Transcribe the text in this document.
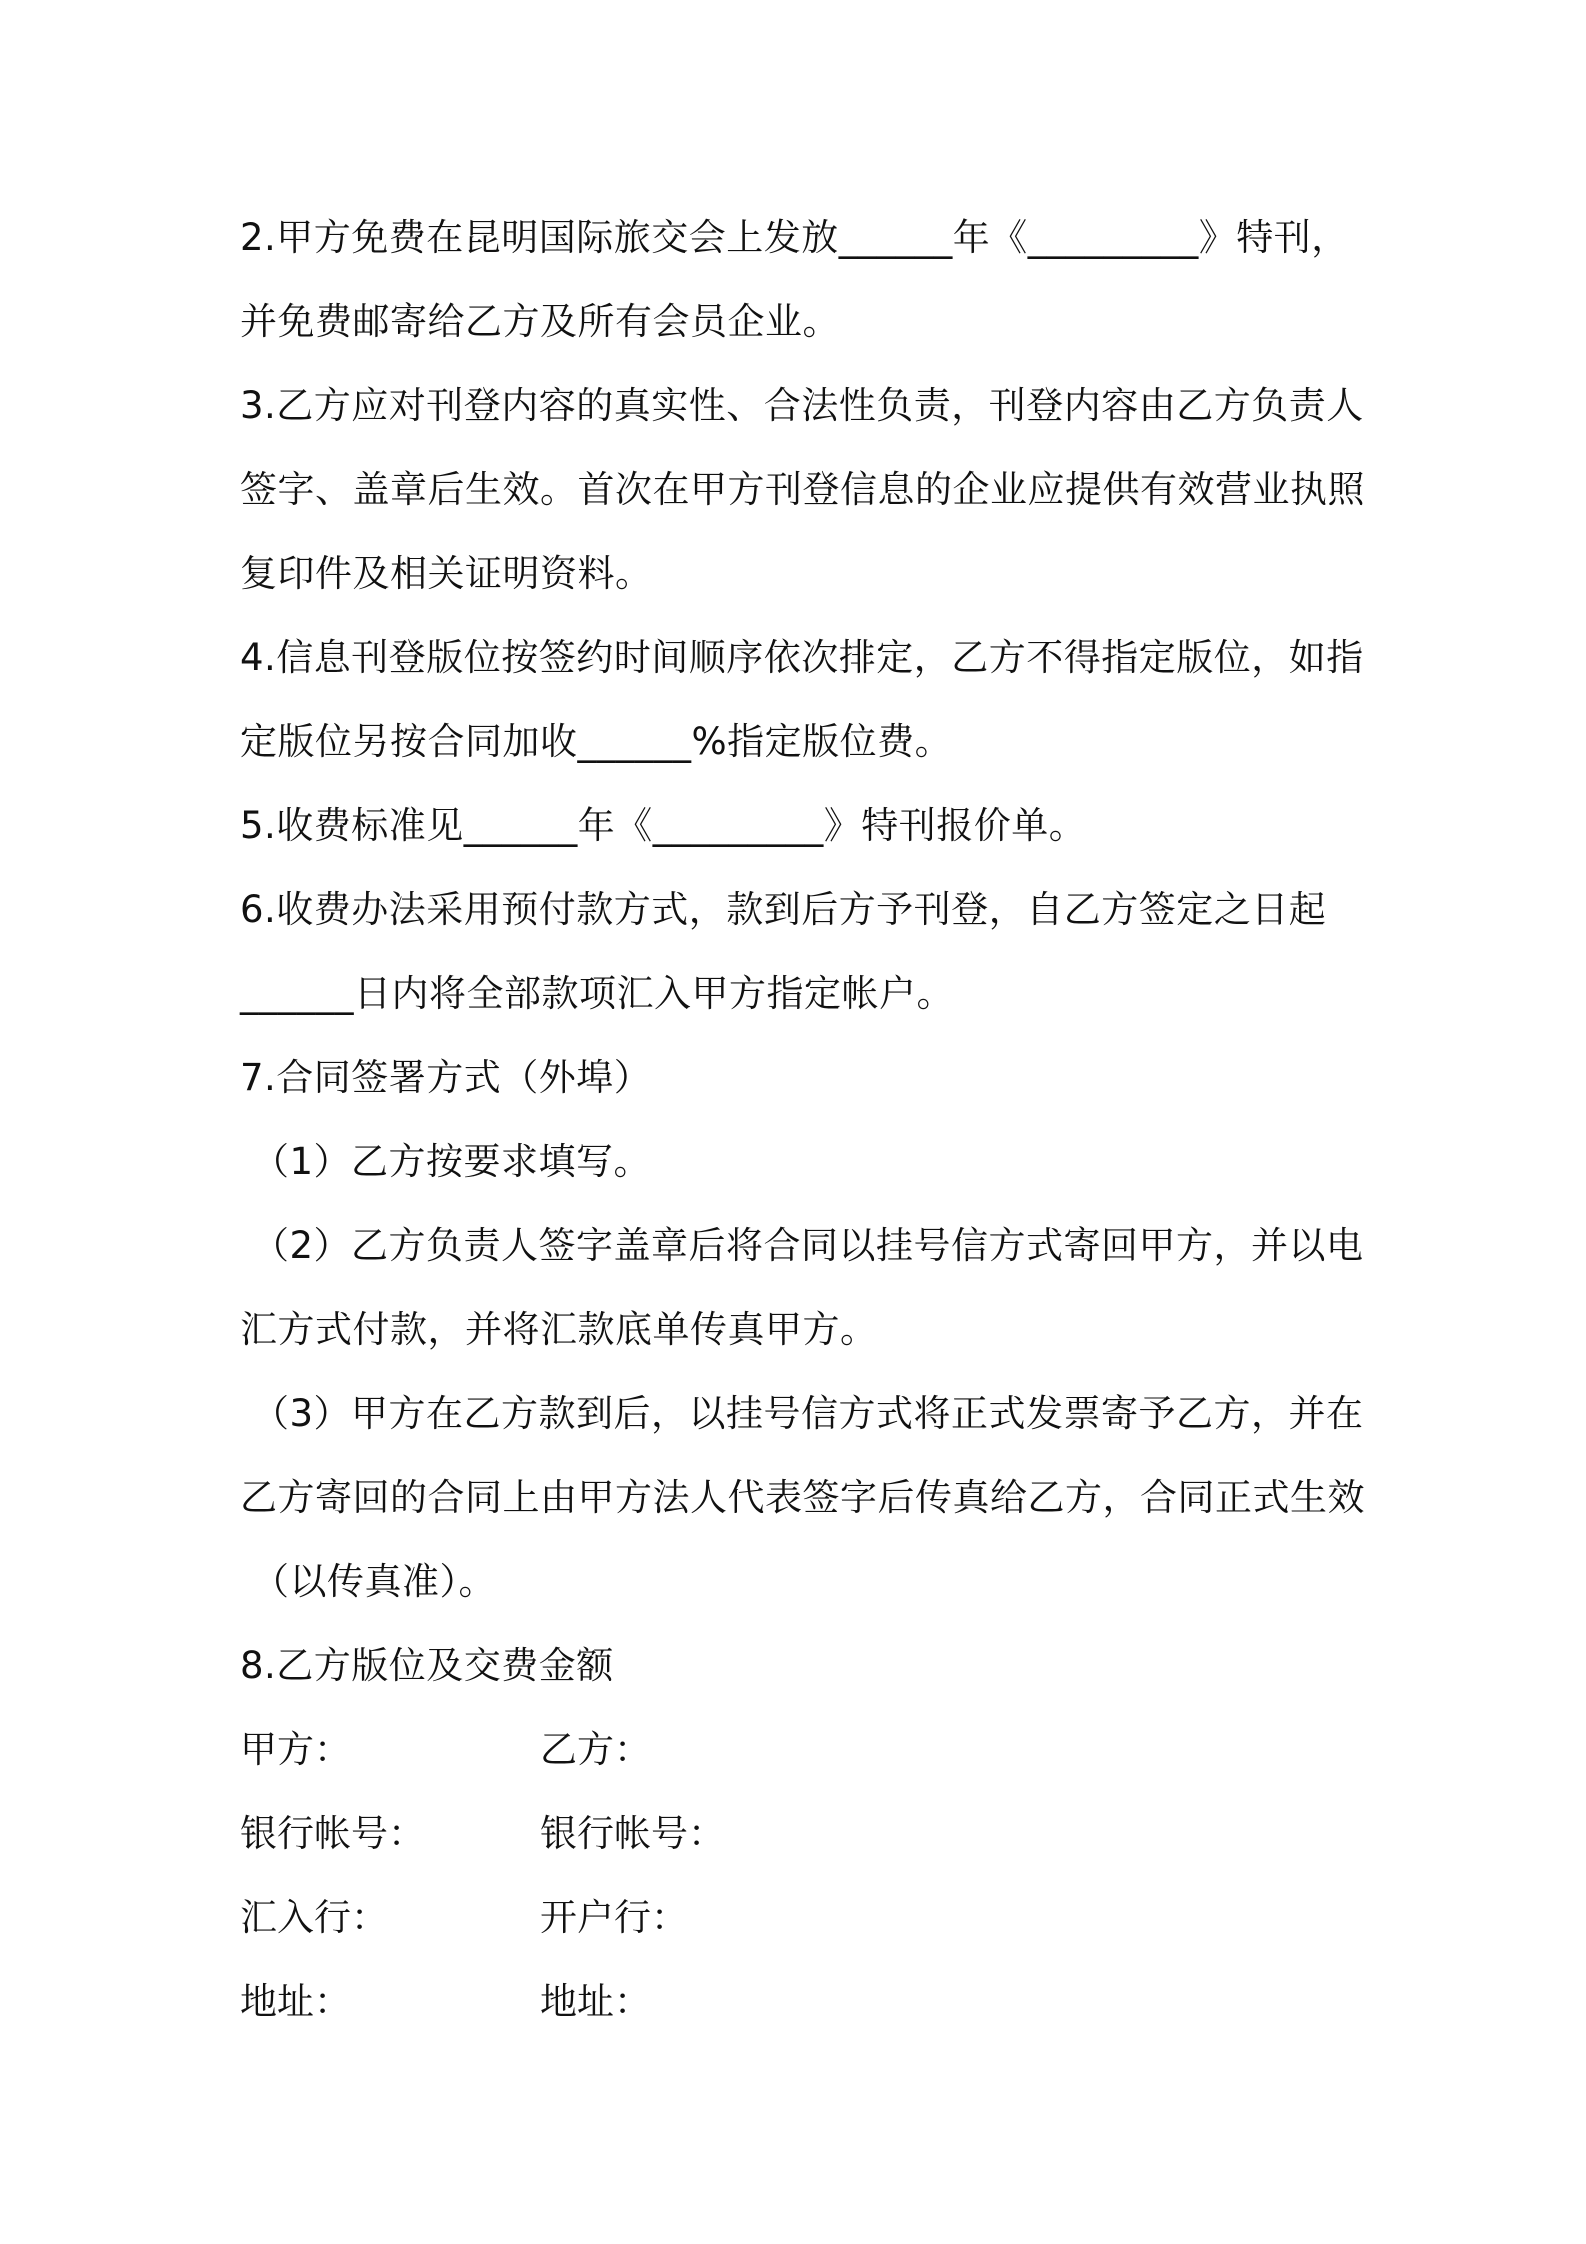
2.甲方免费在昆明国际旅交会上发放______年《_________》特刊，
并免费邮寄给乙方及所有会员企业。
3.乙方应对刊登内容的真实性、合法性负责，刊登内容由乙方负责人
签字、盖章后生效。首次在甲方刊登信息的企业应提供有效营业执照
复印件及相关证明资料。
4.信息刊登版位按签约时间顺序依次排定，乙方不得指定版位，如指
定版位另按合同加收______%指定版位费。
5.收费标准见______年《_________》特刊报价单。
6.收费办法采用预付款方式，款到后方予刊登，自乙方签定之日起
______日内将全部款项汇入甲方指定帐户。
7.合同签署方式（外埠）
（1）乙方按要求填写。
（2）乙方负责人签字盖章后将合同以挂号信方式寄回甲方，并以电
汇方式付款，并将汇款底单传真甲方。
（3）甲方在乙方款到后，以挂号信方式将正式发票寄予乙方，并在
乙方寄回的合同上由甲方法人代表签字后传真给乙方，合同正式生效
（以传真准）。
8.乙方版位及交费金额
甲方：	乙方：
银行帐号：	银行帐号：
汇入行：	开户行：
地址：	地址：
